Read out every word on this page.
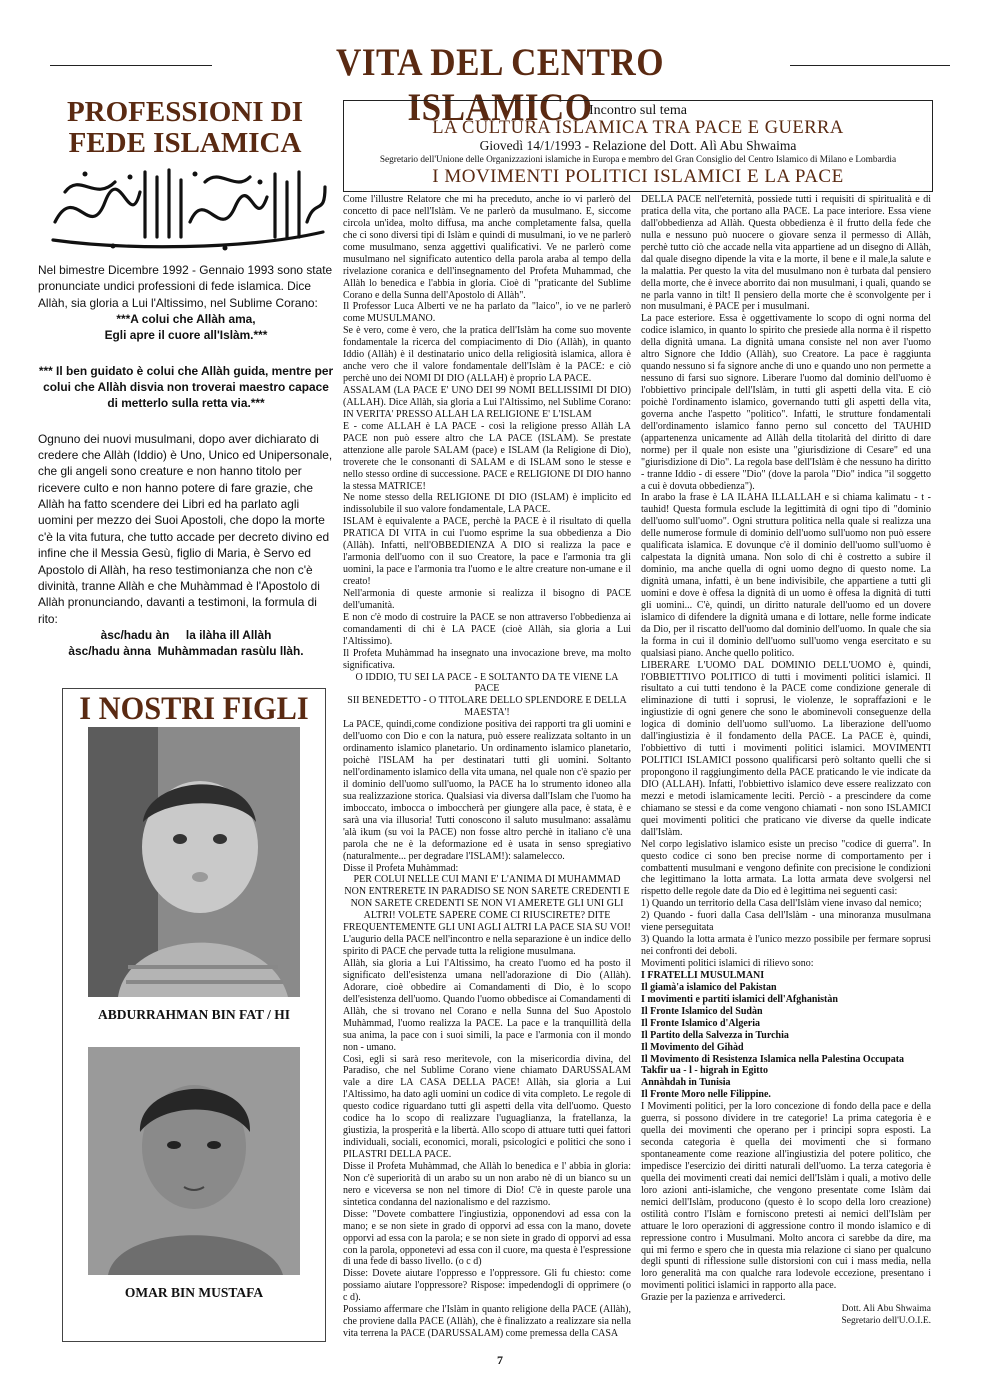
VITA DEL CENTRO ISLAMICO
PROFESSIONI DI
FEDE ISLAMICA

Nel bimestre Dicembre 1992 - Gennaio 1993 sono state pronunciate undici professioni di fede islamica. Dice Allàh, sia gloria a Lui l'Altissimo, nel Sublime Corano:

***A colui che Allàh ama,

Egli apre il cuore all'Islàm.***

*** Il ben guidato è colui che Allàh guida, mentre per colui che Allàh disvia non troverai maestro capace di metterlo sulla retta via.***

Ognuno dei nuovi musulmani, dopo aver dichiarato di credere che Allàh (Iddio) è Uno, Unico ed Unipersonale, che gli angeli sono creature e non hanno titolo per ricevere culto e non hanno potere di fare grazie, che Allàh ha fatto scendere dei Libri ed ha parlato agli uomini per mezzo dei Suoi Apostoli, che dopo la morte c'è la vita futura, che tutto accade per decreto divino ed infine che il Messia Gesù, figlio di Maria, è Servo ed Apostolo di Allàh, ha reso testimonianza che non c'è divinità, tranne Allàh e che Muhàmmad è l'Apostolo di Allàh pronunciando, davanti a testimoni, la formula di rito:

àsc/hadu àn     la ilàha ill Allàh

àsc/hadu ànna  Muhàmmadan rasùlu llàh.

I NOSTRI FIGLI
ABDURRAHMAN BIN FAT / HI
OMAR BIN MUSTAFA
Incontro sul tema
LA CULTURA ISLAMICA TRA PACE E GUERRA
Giovedì 14/1/1993 - Relazione del Dott. Alì Abu Shwaima
Segretario dell'Unione delle Organizzazioni islamiche in Europa e membro del Gran Consiglio del Centro Islamico di Milano e Lombardia
I MOVIMENTI POLITICI ISLAMICI E LA PACE

Come l'illustre Relatore che mi ha preceduto, anche io vi parlerò del concetto di pace nell'Islàm. Ve ne parlerò da musulmano. E, siccome circola un'idea, molto diffusa, ma anche completamente falsa, quella che ci sono diversi tipi di Islàm e quindi di musulmani, io ve ne parlerò come musulmano, senza aggettivi qualificativi. Ve ne parlerò come musulmano nel significato autentico della parola araba al tempo della rivelazione coranica e dell'insegnamento del Profeta Muhammad, che Allàh lo benedica e l'abbia in gloria. Cioè di "praticante del Sublime Corano e della Sunna dell'Apostolo di Allàh".

Il Professor Luca Alberti ve ne ha parlato da "laico", io ve ne parlerò come MUSULMANO.

Se è vero, come è vero, che la pratica dell'Islàm ha come suo movente fondamentale la ricerca del compiacimento di Dio (Allàh), in quanto Iddio (Allàh) è il destinatario unico della religiosità islamica, allora è anche vero che il valore fondamentale dell'Islàm è la PACE: e ciò perchè uno dei NOMI DI DIO (ALLAH) è proprio LA PACE.

ASSALAM (LA PACE E' UNO DEI 99 NOMI BELLISSIMI DI DIO) (ALLAH). Dice Allàh, sia gloria a Lui l'Altissimo, nel Sublime Corano: IN VERITA' PRESSO ALLAH LA RELIGIONE E' L'ISLAM

E - come ALLAH è LA PACE - così la religione presso Allàh LA PACE non può essere altro che LA PACE (ISLAM). Se prestate attenzione alle parole SALAM (pace) e ISLAM (la Religione di Dio), troverete che le consonanti di SALAM e di ISLAM sono le stesse e nello stesso ordine di successione. PACE e RELIGIONE DI DIO hanno la stessa MATRICE!

Ne nome stesso della RELIGIONE DI DIO (ISLAM) è implicito ed indissolubile il suo valore fondamentale, LA PACE.

ISLAM è equivalente a PACE, perchè la PACE è il risultato di quella PRATICA DI VITA in cui l'uomo esprime la sua obbedienza a Dio (Allàh). Infatti, nell'OBBEDIENZA A DIO si realizza la pace e l'armonia dell'uomo con il suo Creatore, la pace e l'armonia tra gli uomini, la pace e l'armonia tra l'uomo e le altre creature non-umane e il creato!

Nell'armonia di queste armonie si realizza il bisogno di PACE dell'umanità.

E non c'è modo di costruire la PACE se non attraverso l'obbedienza ai comandamenti di chi è LA PACE (cioè Allàh, sia gloria a Lui l'Altissimo).

Il Profeta Muhàmmad ha insegnato una invocazione breve, ma molto significativa.

O IDDIO, TU SEI LA PACE - E SOLTANTO DA TE VIENE LA PACE

SII BENEDETTO - O TITOLARE DELLO SPLENDORE E DELLA MAESTA'!

La PACE, quindi,come condizione positiva dei rapporti tra gli uomini e dell'uomo con Dio e con la natura, può essere realizzata soltanto in un ordinamento islamico planetario. Un ordinamento islamico planetario, poichè l'ISLAM ha per destinatari tutti gli uomini. Soltanto nell'ordinamento islamico della vita umana, nel quale non c'è spazio per il dominio dell'uomo sull'uomo, la PACE ha lo strumento idoneo alla sua realizzazione storica. Qualsiasi via diversa dall'Islam che l'uomo ha imboccato, imbocca o imboccherà per giungere alla pace, è stata, è e sarà una via illusoria! Tutti conoscono il saluto musulmano: assalàmu 'alà ikum (su voi la PACE) non fosse altro perchè in italiano c'è una parola che ne è la deformazione ed è usata in senso spregiativo (naturalmente... per degradare l'ISLAM!): salamelecco.

Disse il Profeta Muhàmmad:

PER COLUI NELLE CUI MANI E' L'ANIMA DI MUHAMMAD NON ENTRERETE IN PARADISO SE NON SARETE CREDENTI E NON SARETE CREDENTI SE NON VI AMERETE GLI UNI GLI ALTRI! VOLETE SAPERE COME CI RIUSCIRETE? DITE FREQUENTEMENTE GLI UNI AGLI ALTRI LA PACE SIA SU VOI!

L'augurio della PACE nell'incontro e nella separazione è un indice dello spirito di PACE che pervade tutta la religione musulmana.

Allàh, sia gloria a Lui l'Altissimo, ha creato l'uomo ed ha posto il significato dell'esistenza umana nell'adorazione di Dio (Allàh). Adorare, cioè obbedire ai Comandamenti di Dio, è lo scopo dell'esistenza dell'uomo. Quando l'uomo obbedisce ai Comandamenti di Allàh, che si trovano nel Corano e nella Sunna del Suo Apostolo Muhàmmad, l'uomo realizza la PACE. La pace e la tranquillità della sua anima, la pace con i suoi simili, la pace e l'armonia con il mondo non - umano.

Così, egli si sarà reso meritevole, con la misericordia divina, del Paradiso, che nel Sublime Corano viene chiamato DARUSSALAM vale a dire LA CASA DELLA PACE! Allàh, sia gloria a Lui l'Altissimo, ha dato agli uomini un codice di vita completo. Le regole di questo codice riguardano tutti gli aspetti della vita dell'uomo. Questo codice ha lo scopo di realizzare l'uguaglianza, la fratellanza, la giustizia, la prosperità e la libertà. Allo scopo di attuare tutti quei fattori individuali, sociali, economici, morali, psicologici e politici che sono i PILASTRI DELLA PACE.

Disse il Profeta Muhàmmad, che Allàh lo benedica e l' abbia in gloria: Non c'è superiorità di un arabo su un non arabo nè di un bianco su un nero e viceversa se non nel timore di Dio! C'è in queste parole una sintetica condanna del nazionalismo e del razzismo.

Disse: "Dovete combattere l'ingiustizia, opponendovi ad essa con la mano; e se non siete in grado di opporvi ad essa con la mano, dovete opporvi ad essa con la parola; e se non siete in grado di opporvi ad essa con la parola, opponetevi ad essa con il cuore, ma questa è l'espressione di una fede di basso livello. (o c d)

Disse: Dovete aiutare l'oppresso e l'oppressore. Gli fu chiesto: come possiamo aiutare l'oppressore? Rispose: impedendogli di opprimere (o c d).

Possiamo affermare che l'Islàm in quanto religione della PACE (Allàh), che proviene dalla PACE (Allàh), che è finalizzato a realizzare sia nella vita terrena la PACE (DARUSSALAM) come premessa della CASA

DELLA PACE nell'eternità, possiede tutti i requisiti di spiritualità e di pratica della vita, che portano alla PACE. La pace interiore. Essa viene dall'obbedienza ad Allàh. Questa obbedienza è il frutto della fede che nulla e nessuno può nuocere o giovare senza il permesso di Allàh, perchè tutto ciò che accade nella vita appartiene ad un disegno di Allàh, dal quale disegno dipende la vita e la morte, il bene e il male,la salute e la malattia. Per questo la vita del musulmano non è turbata dal pensiero della morte, che è invece aborrito dai non musulmani, i quali, quando se ne parla vanno in tilt! Il pensiero della morte che è sconvolgente per i non musulmani, è PACE per i musulmani.

La pace esteriore. Essa è oggettivamente lo scopo di ogni norma del codice islamico, in quanto lo spirito che presiede alla norma è il rispetto della dignità umana. La dignità umana consiste nel non aver l'uomo altro Signore che Iddio (Allàh), suo Creatore. La pace è raggiunta quando nessuno si fa signore anche di uno e quando uno non permette a nessuno di farsi suo signore. Liberare l'uomo dal dominio dell'uomo è l'obbiettivo principale dell'Islàm, in tutti gli aspetti della vita. E ciò poichè l'ordinamento islamico, governando tutti gli aspetti della vita, governa anche l'aspetto "politico". Infatti, le strutture fondamentali dell'ordinamento islamico fanno perno sul concetto del TAUHID (appartenenza unicamente ad Allàh della titolarità del diritto di dare norme) per il quale non esiste una "giurisdizione di Cesare" ed una "giurisdizione di Dio". La regola base dell'Islàm è che nessuno ha diritto - tranne Iddio - di essere "Dio" (dove la parola "Dio" indica "il soggetto a cui è dovuta obbedienza").

In arabo la frase è LA ILAHA ILLALLAH e si chiama kalimatu - t - tauhid! Questa formula esclude la legittimità di ogni tipo di "dominio dell'uomo sull'uomo". Ogni struttura politica nella quale si realizza una delle numerose formule di dominio dell'uomo sull'uomo non può essere qualificata islamica. E dovunque c'è il dominio dell'uomo sull'uomo è calpestata la dignità umana. Non solo di chi è costretto a subire il dominio, ma anche quella di ogni uomo degno di questo nome. La dignità umana, infatti, è un bene indivisibile, che appartiene a tutti gli uomini e dove è offesa la dignità di un uomo è offesa la dignità di tutti gli uomini... C'è, quindi, un diritto naturale dell'uomo ed un dovere islamico di difendere la dignità umana e di lottare, nelle forme indicate da Dio, per il riscatto dell'uomo dal dominio dell'uomo. In quale che sia la forma in cui il dominio dell'uomo sull'uomo venga esercitato e su qualsiasi piano. Anche quello politico.

LIBERARE L'UOMO DAL DOMINIO DELL'UOMO è, quindi, l'OBBIETTIVO POLITICO di tutti i movimenti politici islamici. Il risultato a cui tutti tendono è la PACE come condizione generale di eliminazione di tutti i soprusi, le violenze, le sopraffazioni e le ingiustizie di ogni genere che sono le abominevoli conseguenze della logica di dominio dell'uomo sull'uomo. La liberazione dell'uomo dall'ingiustizia è il fondamento della PACE. La PACE è, quindi, l'obbiettivo di tutti i movimenti politici islamici. MOVIMENTI POLITICI ISLAMICI possono qualificarsi però soltanto quelli che si propongono il raggiungimento della PACE praticando le vie indicate da DIO (ALLAH). Infatti, l'obbiettivo islamico deve essere realizzato con mezzi e metodi islamicamente leciti. Perciò - a prescindere da come chiamano se stessi e da come vengono chiamati - non sono ISLAMICI quei movimenti politici che praticano vie diverse da quelle indicate dall'Islàm.

Nel corpo legislativo islamico esiste un preciso "codice di guerra". In questo codice ci sono ben precise norme di comportamento per i combattenti musulmani e vengono definite con precisione le condizioni che legittimano la lotta armata. La lotta armata deve svolgersi nel rispetto delle regole date da Dio ed è legittima nei seguenti casi:

1) Quando un territorio della Casa dell'Islàm viene invaso dal nemico;

2) Quando - fuori dalla Casa dell'Islàm - una minoranza musulmana viene perseguitata

3) Quando la lotta armata è l'unico mezzo possibile per fermare soprusi nei confronti dei deboli.

Movimenti politici islamici di rilievo sono:

I FRATELLI MUSULMANI

Il giamà'a islamico del Pakistan

I movimenti e partiti islamici dell'Afghanistàn

Il Fronte Islamico del Sudàn

Il Fronte Islamico d'Algeria

Il Partito della Salvezza in Turchia

Il Movimento del Gihàd

Il Movimento di Resistenza Islamica nella Palestina Occupata

Takfir ua - l - higrah in Egitto

Annàhdah in Tunisia

Il Fronte Moro nelle Filippine.

I Movimenti politici, per la loro concezione di fondo della pace e della guerra, si possono dividere in tre categorie! La prima categoria è e quella dei movimenti che operano per i principi sopra esposti. La seconda categoria è quella dei movimenti che si formano spontaneamente come reazione all'ingiustizia del potere politico, che impedisce l'esercizio dei diritti naturali dell'uomo. La terza categoria è quella dei movimenti creati dai nemici dell'Islàm i quali, a motivo delle loro azioni anti-islamiche, che vengono presentate come Islàm dai nemici dell'Islàm, producono (questo è lo scopo della loro creazione) ostilità contro l'Islàm e forniscono pretesti ai nemici dell'Islàm per attuare le loro operazioni di aggressione contro il mondo islamico e di repressione contro i Musulmani. Molto ancora ci sarebbe da dire, ma qui mi fermo e spero che in questa mia relazione ci siano per qualcuno degli spunti di riflessione sulle distorsioni con cui i mass media, nella loro generalità ma con qualche rara lodevole eccezione, presentano i movimenti politici islamici in rapporto alla pace.

Grazie per la pazienza e arrivederci.

Dott. Ali Abu Shwaima

Segretario dell'U.O.I.E.

7
